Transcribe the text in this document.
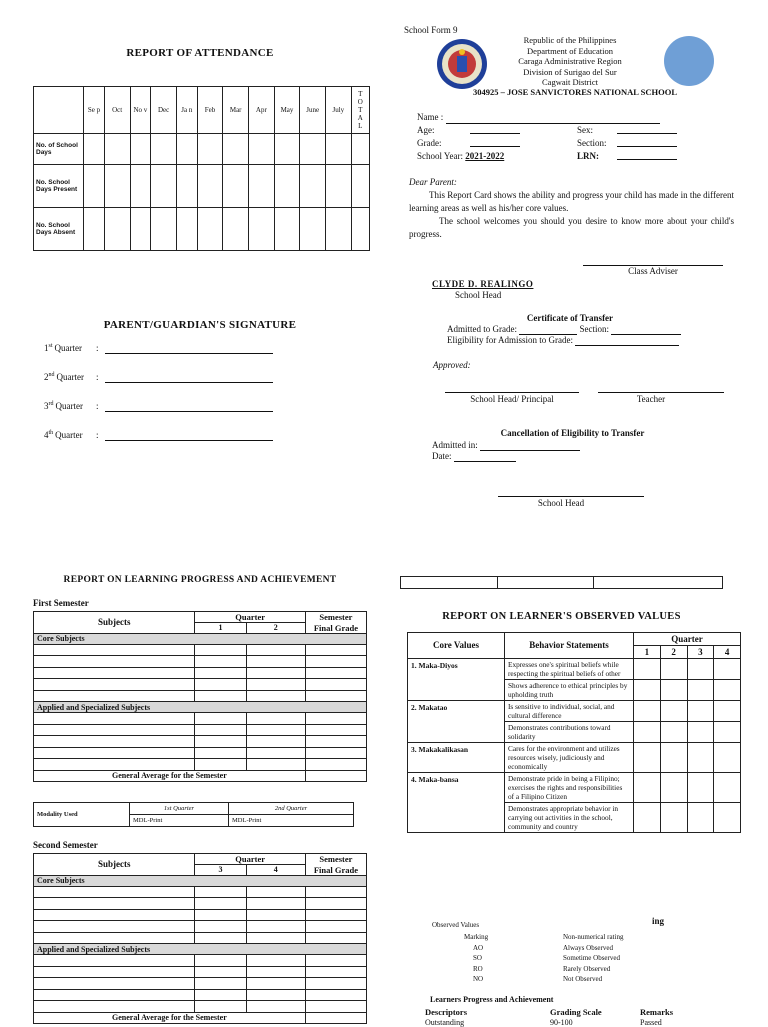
REPORT OF ATTENDANCE
	Se p	Oct	No v	Dec	Ja n	Feb	Mar	Apr	May	June	July	T O T A L
No. of School Days												
No. School Days Present												
No. School Days Absent												
PARENT/GUARDIAN'S SIGNATURE
1st Quarter :
2nd Quarter :
3rd Quarter :
4th Quarter :
School Form 9
Republic of the Philippines
Department of Education
Caraga Administrative Region
Division of Surigao del Sur
Cagwait District
304925 – JOSE SANVICTORES NATIONAL SCHOOL
Name :
Age:	Sex:
Grade:	Section:
School Year: 2021-2022	LRN:
Dear Parent:
This Report Card shows the ability and progress your child has made in the different learning areas as well as his/her core values.
The school welcomes you should you desire to know more about your child's progress.
Class Adviser
CLYDE D. REALINGO
School Head
Certificate of Transfer
Admitted to Grade:	Section:
Eligibility for Admission to Grade:
Approved:
School Head/ Principal	Teacher
Cancellation of Eligibility to Transfer
Admitted in:
Date:
School Head
REPORT ON LEARNING PROGRESS AND ACHIEVEMENT
First Semester
Subjects	Quarter		Semester
	1	2	Final Grade
Core Subjects			

Applied and Specialized Subjects			

General Average for the Semester			
Modality Used	1st Quarter	2nd Quarter
	MDL-Print	MDL-Print
Second Semester
Subjects	Quarter		Semester
	3	4	Final Grade
Core Subjects			

Applied and Specialized Subjects			

General Average for the Semester			

REPORT ON LEARNER'S OBSERVED VALUES
Core Values	Behavior Statements	Quarter			
		1	2	3	4
1. Maka-Diyos	Expresses one's spiritual beliefs while respecting the spiritual beliefs of other				
	Shows adherence to ethical principles by upholding truth				
2. Makatao	Is sensitive to individual, social, and cultural difference				
	Demonstrates contributions toward solidarity				
3. Makakalikasan	Cares for the environment and utilizes resources wisely, judiciously and economically				
4. Maka-bansa	Demonstrate pride in being a Filipino; exercises the rights and responsibilities of a Filipino Citizen				
	Demonstrates appropriate behavior in carrying out activities in the school, community and country				
ing
Observed Values
Marking	Non-numerical rating
AO	Always Observed
SO	Sometime Observed
RO	Rarely Observed
NO	Not Observed
Learners Progress and Achievement
Descriptors	Grading Scale	Remarks
Outstanding	90-100	Passed
